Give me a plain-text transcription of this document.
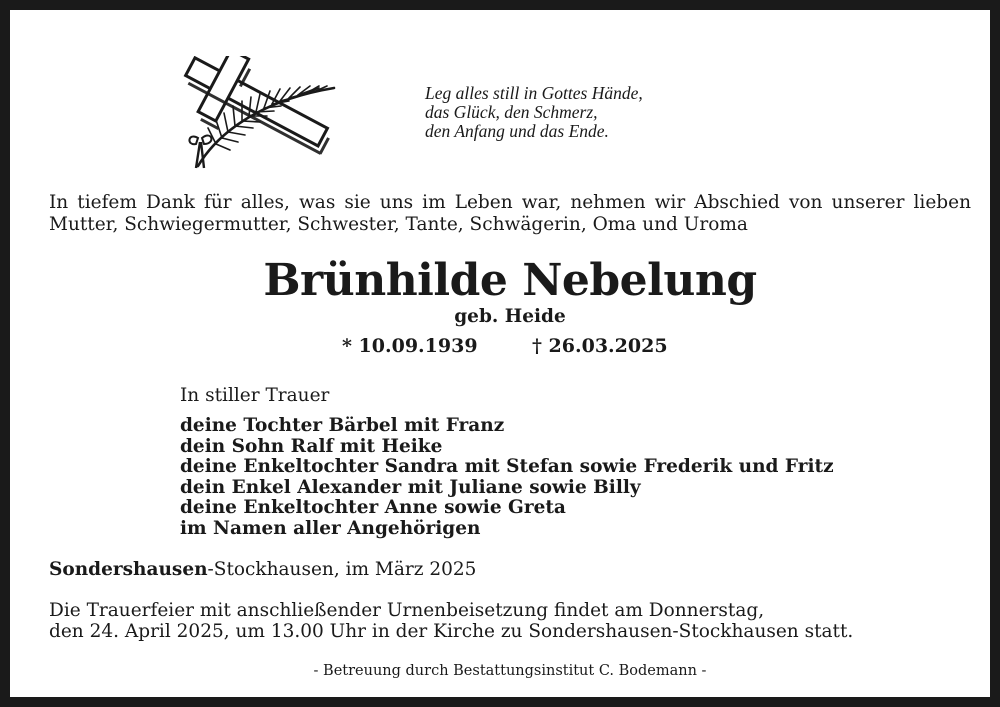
Leg alles still in Gottes Hände,
das Glück, den Schmerz,
den Anfang und das Ende.
In tiefem Dank für alles, was sie uns im Leben war, nehmen wir Abschied von unserer lieben Mutter, Schwiegermutter, Schwester, Tante, Schwägerin, Oma und Uroma
Brünhilde Nebelung
geb. Heide
* 10.09.1939	† 26.03.2025
In stiller Trauer
deine Tochter Bärbel mit Franz
dein Sohn Ralf mit Heike
deine Enkeltochter Sandra mit Stefan sowie Frederik und Fritz
dein Enkel Alexander mit Juliane sowie Billy
deine Enkeltochter Anne sowie Greta
im Namen aller Angehörigen
Sondershausen-Stockhausen, im März 2025
Die Trauerfeier mit anschließender Urnenbeisetzung findet am Donnerstag,
den 24. April 2025, um 13.00 Uhr in der Kirche zu Sondershausen-Stockhausen statt.
- Betreuung durch Bestattungsinstitut C. Bodemann -
